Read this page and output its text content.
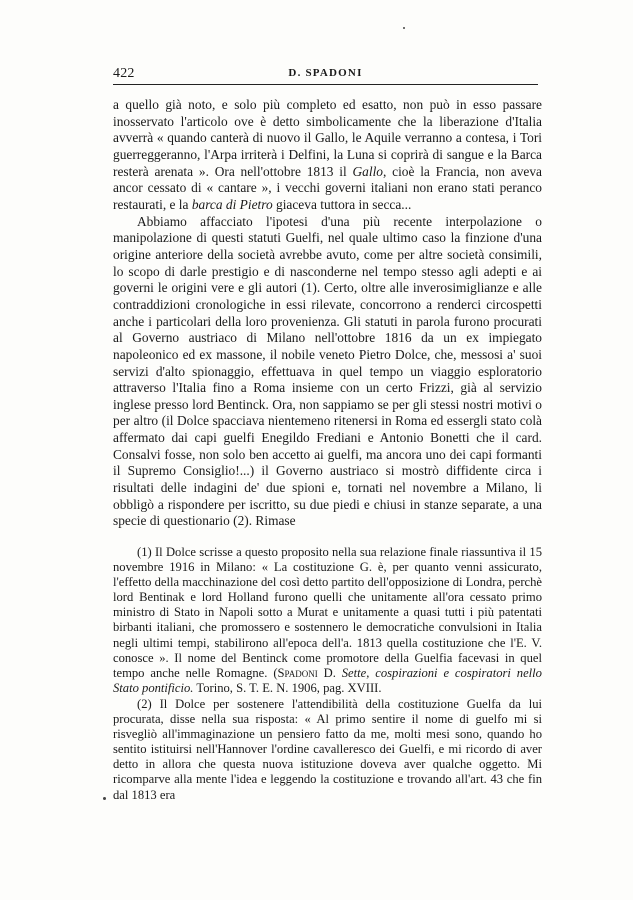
422	D. SPADONI

a quello già noto, e solo più completo ed esatto, non può in esso passare inosservato l'articolo ove è detto simbolicamente che la liberazione d'Italia avverrà « quando canterà di nuovo il Gallo, le Aquile verranno a contesa, i Tori guerreggeranno, l'Arpa irriterà i Delfini, la Luna si coprirà di sangue e la Barca resterà arenata ». Ora nell'ottobre 1813 il Gallo, cioè la Francia, non aveva ancor cessato di « cantare », i vecchi governi italiani non erano stati peranco restaurati, e la barca di Pietro giaceva tuttora in secca...

Abbiamo affacciato l'ipotesi d'una più recente interpolazione o manipolazione di questi statuti Guelfi, nel quale ultimo caso la finzione d'una origine anteriore della società avrebbe avuto, come per altre società consimili, lo scopo di darle prestigio e di nasconderne nel tempo stesso agli adepti e ai governi le origini vere e gli autori (1). Certo, oltre alle inverosimiglianze e alle contraddizioni cronologiche in essi rilevate, concorrono a renderci circospetti anche i particolari della loro provenienza. Gli statuti in parola furono procurati al Governo austriaco di Milano nell'ottobre 1816 da un ex impiegato napoleonico ed ex massone, il nobile veneto Pietro Dolce, che, messosi a' suoi servizi d'alto spionaggio, effettuava in quel tempo un viaggio esploratorio attraverso l'Italia fino a Roma insieme con un certo Frizzi, già al servizio inglese presso lord Bentinck. Ora, non sappiamo se per gli stessi nostri motivi o per altro (il Dolce spacciava nientemeno ritenersi in Roma ed essergli stato colà affermato dai capi guelfi Enegildo Frediani e Antonio Bonetti che il card. Consalvi fosse, non solo ben accetto ai guelfi, ma ancora uno dei capi formanti il Supremo Consiglio!...) il Governo austriaco si mostrò diffidente circa i risultati delle indagini de' due spioni e, tornati nel novembre a Milano, li obbligò a rispondere per iscritto, su due piedi e chiusi in stanze separate, a una specie di questionario (2). Rimase

(1) Il Dolce scrisse a questo proposito nella sua relazione finale riassuntiva il 15 novembre 1916 in Milano: « La costituzione G. è, per quanto venni assicurato, l'effetto della macchinazione del così detto partito dell'opposizione di Londra, perchè lord Bentinak e lord Holland furono quelli che unitamente all'ora cessato primo ministro di Stato in Napoli sotto a Murat e unitamente a quasi tutti i più patentati birbanti italiani, che promossero e sostennero le democratiche convulsioni in Italia negli ultimi tempi, stabilirono all'epoca dell'a. 1813 quella costituzione che l'E. V. conosce ». Il nome del Bentinck come promotore della Guelfia facevasi in quel tempo anche nelle Romagne. (Spadoni D. Sette, cospirazioni e cospiratori nello Stato pontificio. Torino, S. T. E. N. 1906, pag. XVIII.

(2) Il Dolce per sostenere l'attendibilità della costituzione Guelfa da lui procurata, disse nella sua risposta: « Al primo sentire il nome di guelfo mi si risvegliò all'immaginazione un pensiero fatto da me, molti mesi sono, quando ho sentito istituirsi nell'Hannover l'ordine cavalleresco dei Guelfi, e mi ricordo di aver detto in allora che questa nuova istituzione doveva aver qualche oggetto. Mi ricomparve alla mente l'idea e leggendo la costituzione e trovando all'art. 43 che fin dal 1813 era
